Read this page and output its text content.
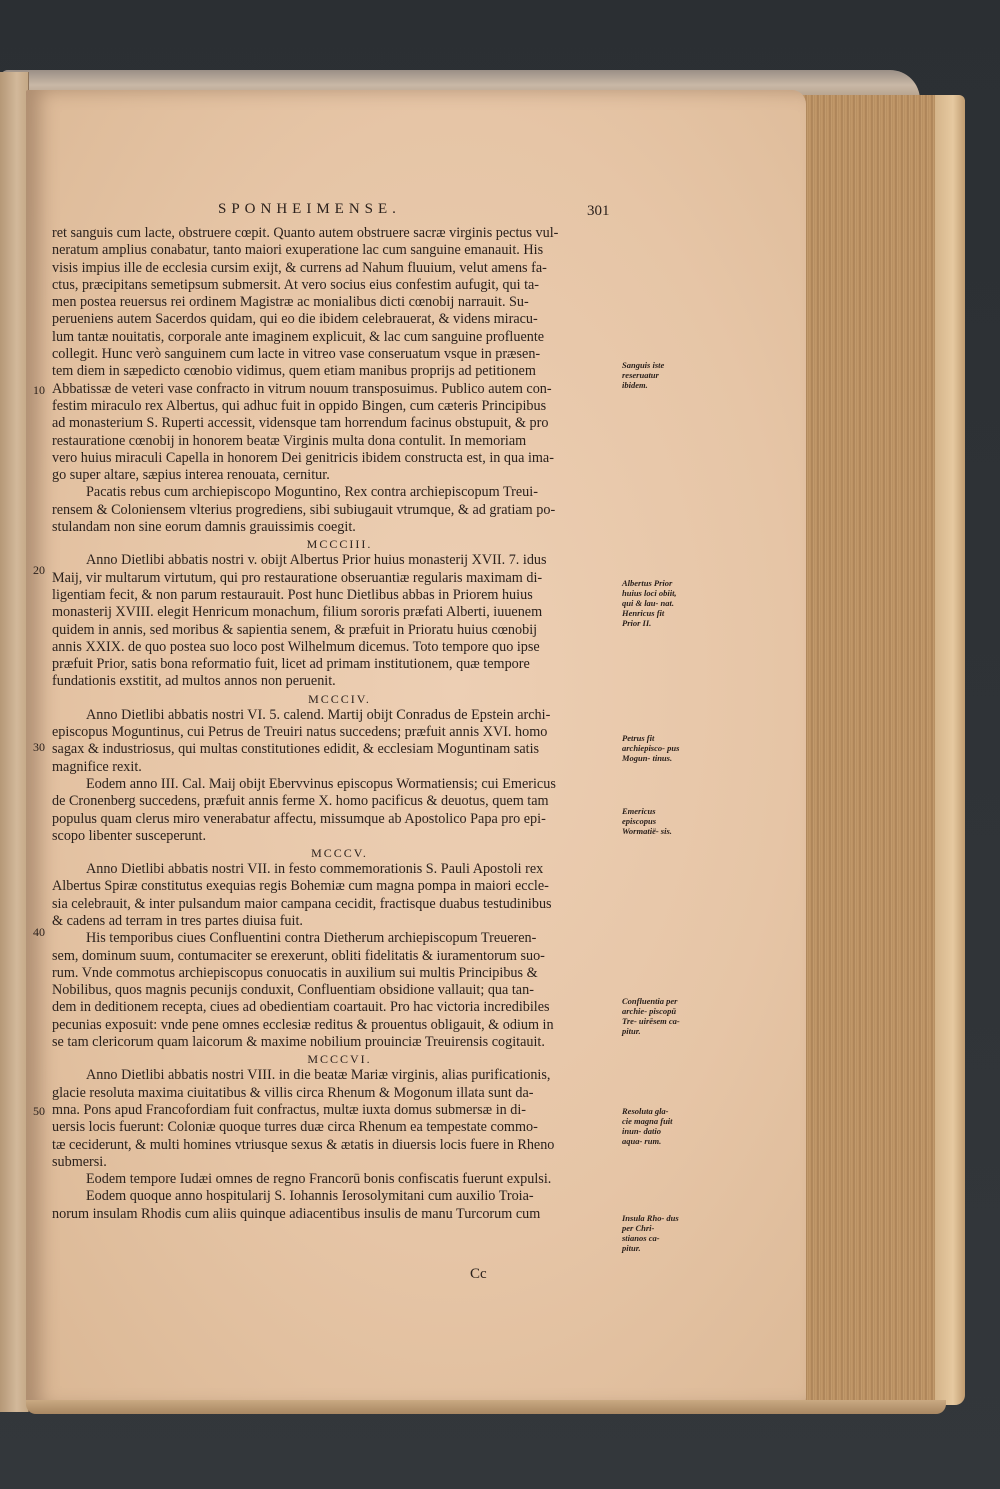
SPONHEIMENSE.	301
10
20
30
40
50
ret sanguis cum lacte, obstruere cœpit. Quanto autem obstruere sacræ virginis pectus vul-
neratum amplius conabatur, tanto maiori exuperatione lac cum sanguine emanauit. His
visis impius ille de ecclesia cursim exijt, & currens ad Nahum fluuium, velut amens fa-
ctus, præcipitans semetipsum submersit. At vero socius eius confestim aufugit, qui ta-
men postea reuersus rei ordinem Magistræ ac monialibus dicti cœnobij narrauit. Su-
perueniens autem Sacerdos quidam, qui eo die ibidem celebrauerat, & videns miracu-
lum tantæ nouitatis, corporale ante imaginem explicuit, & lac cum sanguine profluente
collegit. Hunc verò sanguinem cum lacte in vitreo vase conseruatum vsque in præsen-
tem diem in sæpedicto cœnobio vidimus, quem etiam manibus proprijs ad petitionem
Abbatissæ de veteri vase confracto in vitrum nouum transposuimus. Publico autem con-
festim miraculo rex Albertus, qui adhuc fuit in oppido Bingen, cum cæteris Principibus
ad monasterium S. Ruperti accessit, vidensque tam horrendum facinus obstupuit, & pro
restauratione cœnobij in honorem beatæ Virginis multa dona contulit. In memoriam
vero huius miraculi Capella in honorem Dei genitricis ibidem constructa est, in qua ima-
go super altare, sæpius interea renouata, cernitur.
Pacatis rebus cum archiepiscopo Moguntino, Rex contra archiepiscopum Treui-
rensem & Coloniensem vlterius progrediens, sibi subiugauit vtrumque, & ad gratiam po-
stulandam non sine eorum damnis grauissimis coegit.
MCCCIII.
Anno Dietlibi abbatis nostri v. obijt Albertus Prior huius monasterij XVII. 7. idus
Maij, vir multarum virtutum, qui pro restauratione obseruantiæ regularis maximam di-
ligentiam fecit, & non parum restaurauit. Post hunc Dietlibus abbas in Priorem huius
monasterij XVIII. elegit Henricum monachum, filium sororis præfati Alberti, iuuenem
quidem in annis, sed moribus & sapientia senem, & præfuit in Prioratu huius cœnobij
annis XXIX. de quo postea suo loco post Wilhelmum dicemus. Toto tempore quo ipse
præfuit Prior, satis bona reformatio fuit, licet ad primam institutionem, quæ tempore
fundationis exstitit, ad multos annos non peruenit.
MCCCIV.
Anno Dietlibi abbatis nostri VI. 5. calend. Martij obijt Conradus de Epstein archi-
episcopus Moguntinus, cui Petrus de Treuiri natus succedens; præfuit annis XVI. homo
sagax & industriosus, qui multas constitutiones edidit, & ecclesiam Moguntinam satis
magnifice rexit.
Eodem anno III. Cal. Maij obijt Ebervvinus episcopus Wormatiensis; cui Emericus
de Cronenberg succedens, præfuit annis ferme X. homo pacificus & deuotus, quem tam
populus quam clerus miro venerabatur affectu, missumque ab Apostolico Papa pro epi-
scopo libenter susceperunt.
MCCCV.
Anno Dietlibi abbatis nostri VII. in festo commemorationis S. Pauli Apostoli rex
Albertus Spiræ constitutus exequias regis Bohemiæ cum magna pompa in maiori eccle-
sia celebrauit, & inter pulsandum maior campana cecidit, fractisque duabus testudinibus
& cadens ad terram in tres partes diuisa fuit.
His temporibus ciues Confluentini contra Dietherum archiepiscopum Treueren-
sem, dominum suum, contumaciter se erexerunt, obliti fidelitatis & iuramentorum suo-
rum. Vnde commotus archiepiscopus conuocatis in auxilium sui multis Principibus &
Nobilibus, quos magnis pecunijs conduxit, Confluentiam obsidione vallauit; qua tan-
dem in deditionem recepta, ciues ad obedientiam coartauit. Pro hac victoria incredibiles
pecunias exposuit: vnde pene omnes ecclesiæ reditus & prouentus obligauit, & odium in
se tam clericorum quam laicorum & maxime nobilium prouinciæ Treuirensis cogitauit.
MCCCVI.
Anno Dietlibi abbatis nostri VIII. in die beatæ Mariæ virginis, alias purificationis,
glacie resoluta maxima ciuitatibus & villis circa Rhenum & Mogonum illata sunt da-
mna. Pons apud Francofordiam fuit confractus, multæ iuxta domus submersæ in di-
uersis locis fuerunt: Coloniæ quoque turres duæ circa Rhenum ea tempestate commo-
tæ ceciderunt, & multi homines vtriusque sexus & ætatis in diuersis locis fuere in Rheno
submersi.
Eodem tempore Iudæi omnes de regno Francorū bonis confiscatis fuerunt expulsi.
Eodem quoque anno hospitularij S. Iohannis Ierosolymitani cum auxilio Troia-
norum insulam Rhodis cum aliis quinque adiacentibus insulis de manu Turcorum cum
Cc
Sanguis iste reseruatur ibidem.
Albertus Prior huius loci obiit, qui & lau- nat. Henricus fit Prior II.
Petrus fit archiepisco- pus Mogun- tinus.
Emericus episcopus Wormatië- sis.
Confluentia per archie- piscopū Tre- uirēsem ca- pitur.
Resoluta gla- cie magna fuit inun- datio aqua- rum.
Insula Rho- dus per Chri- stianos ca- pitur.
